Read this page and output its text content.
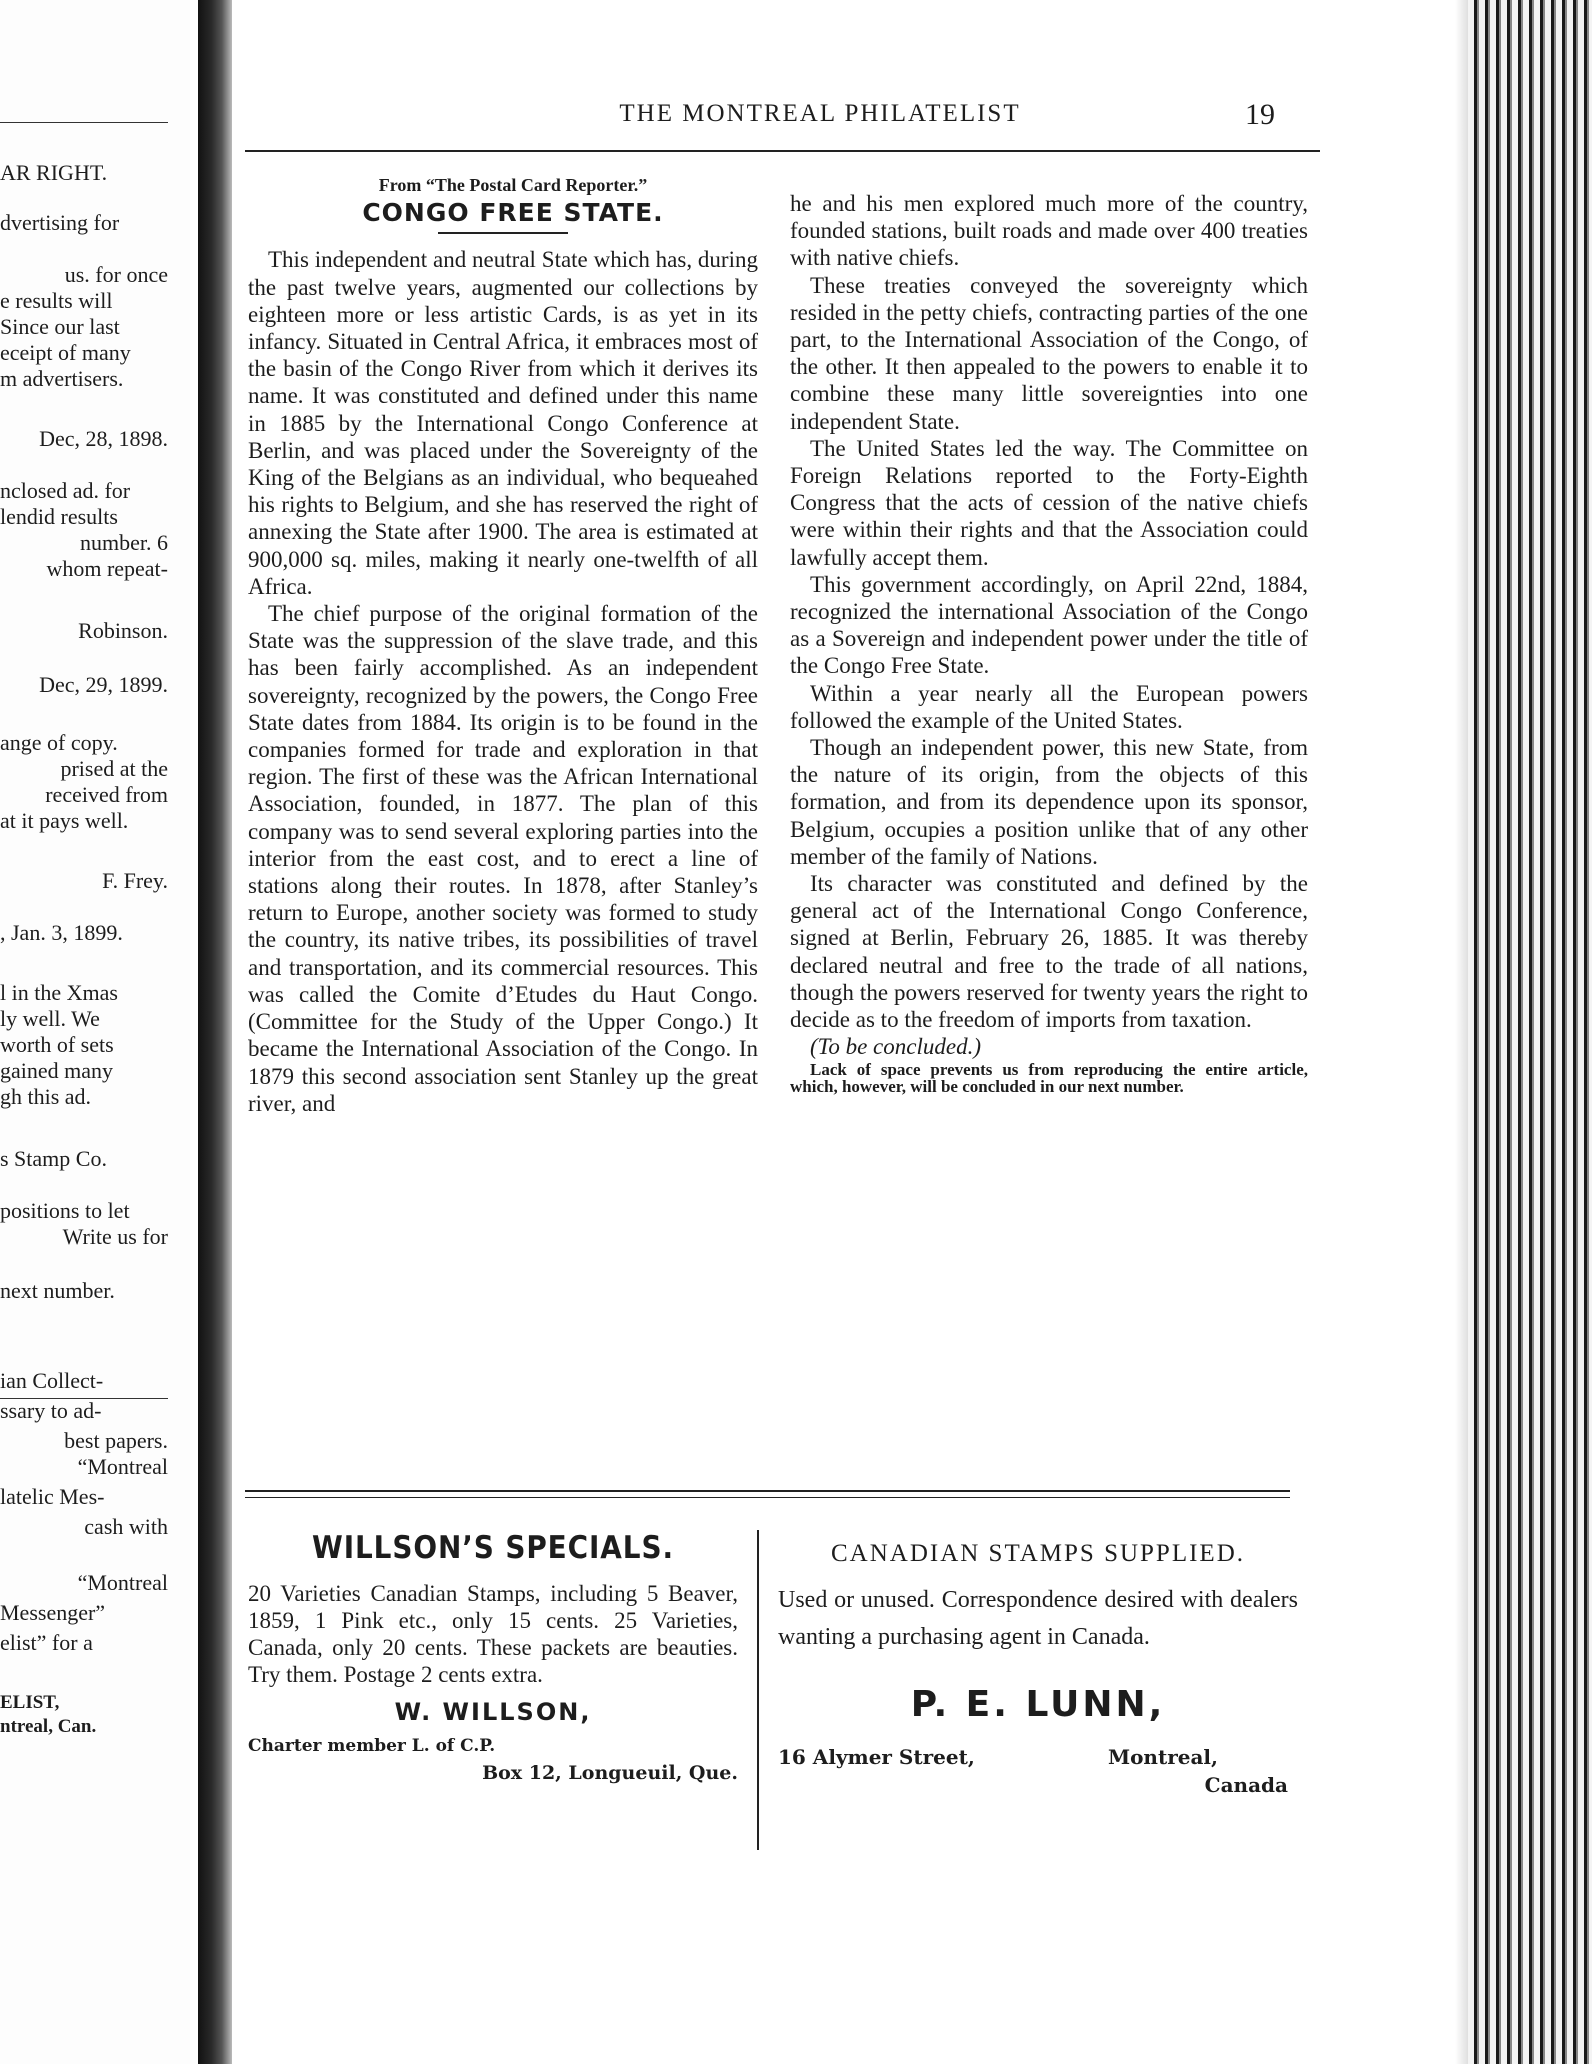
AR RIGHT.
dvertising for
us. for once
e results will
Since our last
eceipt of many
m advertisers.
Dec, 28, 1898.
nclosed ad. for
lendid results
number. 6
whom repeat-
Robinson.
Dec, 29, 1899.
ange of copy.
prised at the
received from
at it pays well.
F. Frey.
, Jan. 3, 1899.
l in the Xmas
ly well. We
worth of sets
gained many
gh this ad.
s Stamp Co.
positions to let
Write us for
next number.
ian Collect-
ssary to ad-
best papers.
“Montreal
latelic Mes-
cash with
“Montreal
Messenger”
elist” for a
ELIST,
ntreal, Can.
THE MONTREAL PHILATELIST	19

From “The Postal Card Reporter.”

CONGO FREE STATE.

This independent and neutral State which has, during the past twelve years, augmented our collections by eighteen more or less artistic Cards, is as yet in its infancy. Situated in Central Africa, it embraces most of the basin of the Congo River from which it derives its name. It was constituted and defined under this name in 1885 by the International Congo Conference at Berlin, and was placed under the Sovereignty of the King of the Belgians as an individual, who bequeahed his rights to Belgium, and she has reserved the right of annexing the State after 1900. The area is estimated at 900,000 sq. miles, making it nearly one-twelfth of all Africa.

The chief purpose of the original formation of the State was the suppression of the slave trade, and this has been fairly accomplished. As an independent sovereignty, recognized by the powers, the Congo Free State dates from 1884. Its origin is to be found in the companies formed for trade and exploration in that region. The first of these was the African International Association, founded, in 1877. The plan of this company was to send several exploring parties into the interior from the east cost, and to erect a line of stations along their routes. In 1878, after Stanley’s return to Europe, another society was formed to study the country, its native tribes, its possibilities of travel and transportation, and its commercial resources. This was called the Comite d’Etudes du Haut Congo. (Committee for the Study of the Upper Congo.) It became the International Association of the Congo. In 1879 this second association sent Stanley up the great river, and

he and his men explored much more of the country, founded stations, built roads and made over 400 treaties with native chiefs.

These treaties conveyed the sovereignty which resided in the petty chiefs, contracting parties of the one part, to the International Association of the Congo, of the other. It then appealed to the powers to enable it to combine these many little sovereignties into one independent State.

The United States led the way. The Committee on Foreign Relations reported to the Forty-Eighth Congress that the acts of cession of the native chiefs were within their rights and that the Association could lawfully accept them.

This government accordingly, on April 22nd, 1884, recognized the international Association of the Congo as a Sovereign and independent power under the title of the Congo Free State.

Within a year nearly all the European powers followed the example of the United States.

Though an independent power, this new State, from the nature of its origin, from the objects of this formation, and from its dependence upon its sponsor, Belgium, occupies a position unlike that of any other member of the family of Nations.

Its character was constituted and defined by the general act of the International Congo Conference, signed at Berlin, February 26, 1885. It was thereby declared neutral and free to the trade of all nations, though the powers reserved for twenty years the right to decide as to the freedom of imports from taxation.

(To be concluded.)

Lack of space prevents us from reproducing the entire article, which, however, will be concluded in our next number.

WILLSON’S SPECIALS.
20 Varieties Canadian Stamps, including 5 Beaver, 1859, 1 Pink etc., only 15 cents. 25 Varieties, Canada, only 20 cents. These packets are beauties. Try them. Postage 2 cents extra.
W. WILLSON,
Charter member L. of C.P.
Box 12, Longueuil, Que.
CANADIAN STAMPS SUPPLIED.
Used or unused. Correspondence desired with dealers wanting a purchasing agent in Canada.
P. E. LUNN,
16 Alymer Street,	Montreal,
Canada
